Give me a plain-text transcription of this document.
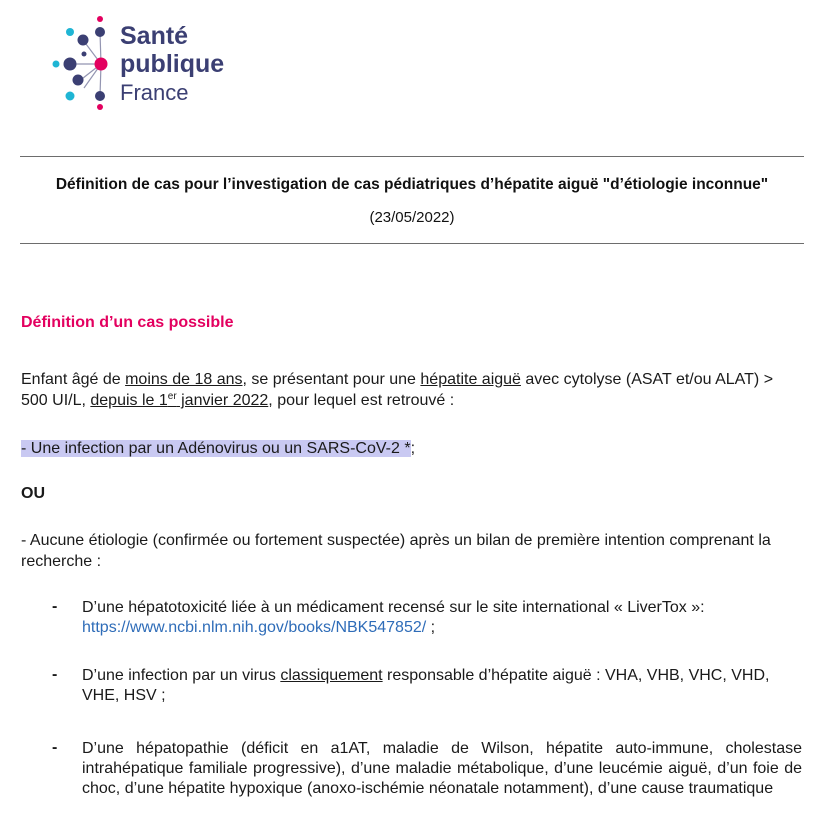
Santé
publique
France
Définition de cas pour l’investigation de cas pédiatriques d’hépatite aiguë "d’étiologie inconnue"
(23/05/2022)
Définition d’un cas possible
Enfant âgé de moins de 18 ans, se présentant pour une hépatite aiguë avec cytolyse (ASAT et/ou ALAT) > 500 UI/L, depuis le 1er janvier 2022, pour lequel est retrouvé :
- Une infection par un Adénovirus ou un SARS-CoV-2 *;
OU
- Aucune étiologie (confirmée ou fortement suspectée) après un bilan de première intention comprenant la recherche :
- D’une hépatotoxicité liée à un médicament recensé sur le site international « LiverTox »:
https://www.ncbi.nlm.nih.gov/books/NBK547852/ ;
- D’une infection par un virus classiquement responsable d’hépatite aiguë : VHA, VHB, VHC, VHD, VHE, HSV ;
- D’une hépatopathie (déficit en a1AT, maladie de Wilson, hépatite auto-immune, cholestase intrahépatique familiale progressive), d’une maladie métabolique, d’une leucémie aiguë, d’un foie de choc, d’une hépatite hypoxique (anoxo-ischémie néonatale notamment), d’une cause traumatique
